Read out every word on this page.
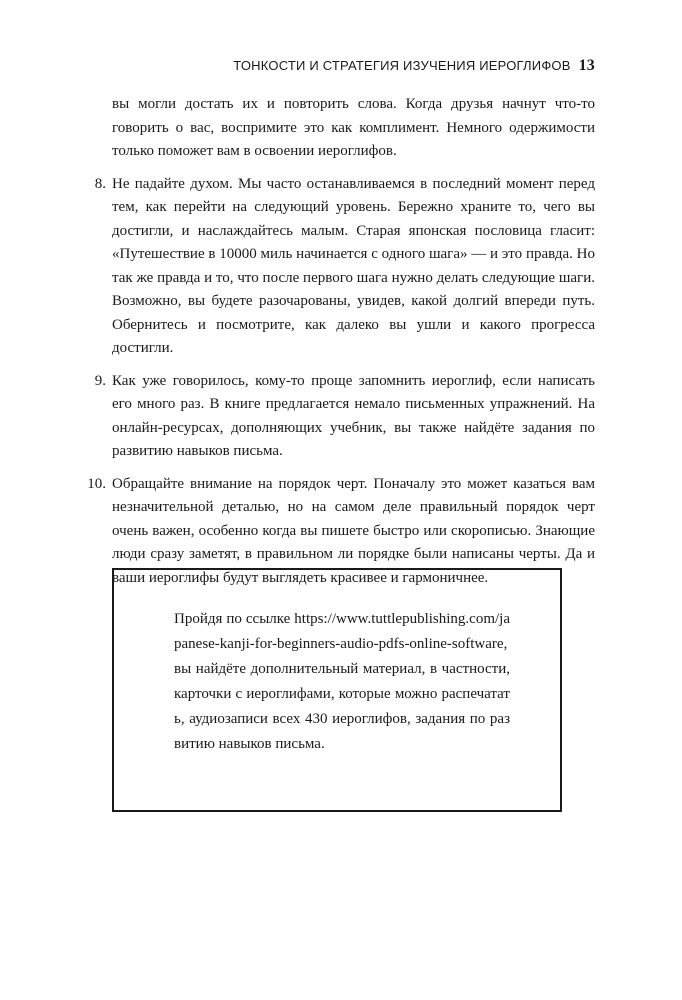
ТОНКОСТИ И СТРАТЕГИЯ ИЗУЧЕНИЯ ИЕРОГЛИФОВ 13

вы могли достать их и повторить слова. Когда друзья начнут что-то говорить о вас, воспримите это как комплимент. Немного одержимости только поможет вам в освоении иероглифов.

8. Не падайте духом. Мы часто останавливаемся в последний момент перед тем, как перейти на следующий уровень. Бережно храните то, чего вы достигли, и наслаждайтесь малым. Старая японская пословица гласит: «Путешествие в 10000 миль начинается с одного шага» — и это правда. Но так же правда и то, что после первого шага нужно делать следующие шаги. Возможно, вы будете разочарованы, увидев, какой долгий впереди путь. Обернитесь и посмотрите, как далеко вы ушли и какого прогресса достигли.
9. Как уже говорилось, кому-то проще запомнить иероглиф, если написать его много раз. В книге предлагается немало письменных упражнений. На онлайн-ресурсах, дополняющих учебник, вы также найдёте задания по развитию навыков письма.
10. Обращайте внимание на порядок черт. Поначалу это может казаться вам незначительной деталью, но на самом деле правильный порядок черт очень важен, особенно когда вы пишете быстро или скорописью. Знающие люди сразу заметят, в правильном ли порядке были написаны черты. Да и ваши иероглифы будут выглядеть красивее и гармоничнее.

Пройдя по ссылке https://www.tuttlepublishing.com/japanese-kanji-for-beginners-audio-pdfs-online-software, вы найдёте дополнительный материал, в частности, карточки с иероглифами, которые можно распечатать, аудиозаписи всех 430 иероглифов, задания по развитию навыков письма.
